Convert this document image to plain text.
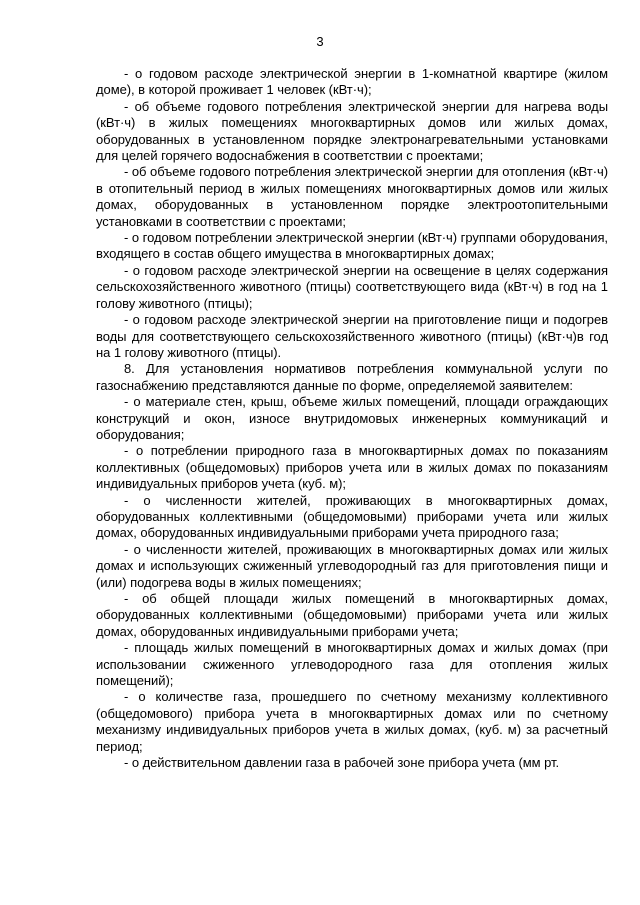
3

- о годовом расходе электрической энергии в 1-комнатной квартире (жилом доме), в которой проживает 1 человек (кВт·ч);

- об объеме годового потребления электрической энергии для нагрева воды (кВт·ч) в жилых помещениях многоквартирных домов или жилых домах, оборудованных в установленном порядке электронагревательными установками для целей горячего водоснабжения в соответствии с проектами;

- об объеме годового потребления электрической энергии для отопления (кВт·ч) в отопительный период в жилых помещениях многоквартирных домов или жилых домах, оборудованных в установленном порядке электроотопительными установками в соответствии с проектами;

- о годовом потреблении электрической энергии (кВт·ч) группами оборудования, входящего в состав общего имущества в многоквартирных домах;

- о годовом расходе электрической энергии на освещение в целях содержания сельскохозяйственного животного (птицы) соответствующего вида (кВт·ч) в год на 1 голову животного (птицы);

- о годовом расходе электрической энергии на приготовление пищи и подогрев воды для соответствующего сельскохозяйственного животного (птицы) (кВт·ч)в год на 1 голову животного (птицы).

8. Для установления нормативов потребления коммунальной услуги по газоснабжению представляются данные по форме, определяемой заявителем:

- о материале стен, крыш, объеме жилых помещений, площади ограждающих конструкций и окон, износе внутридомовых инженерных коммуникаций и оборудования;

- о потреблении природного газа в многоквартирных домах по показаниям коллективных (общедомовых) приборов учета или в жилых домах по показаниям индивидуальных приборов учета (куб. м);

- о численности жителей, проживающих в многоквартирных домах, оборудованных коллективными (общедомовыми) приборами учета или жилых домах, оборудованных индивидуальными приборами учета природного газа;

- о численности жителей, проживающих в многоквартирных домах или жилых домах и использующих сжиженный углеводородный газ для приготовления пищи и (или) подогрева воды в жилых помещениях;

- об общей площади жилых помещений в многоквартирных домах, оборудованных коллективными (общедомовыми) приборами учета или жилых домах, оборудованных индивидуальными приборами учета;

- площадь жилых помещений в многоквартирных домах и жилых домах (при использовании сжиженного углеводородного газа для отопления жилых помещений);

- о количестве газа, прошедшего по счетному механизму коллективного (общедомового) прибора учета в многоквартирных домах или по счетному механизму индивидуальных приборов учета в жилых домах, (куб. м) за расчетный период;

- о действительном давлении газа в рабочей зоне прибора учета (мм рт.
